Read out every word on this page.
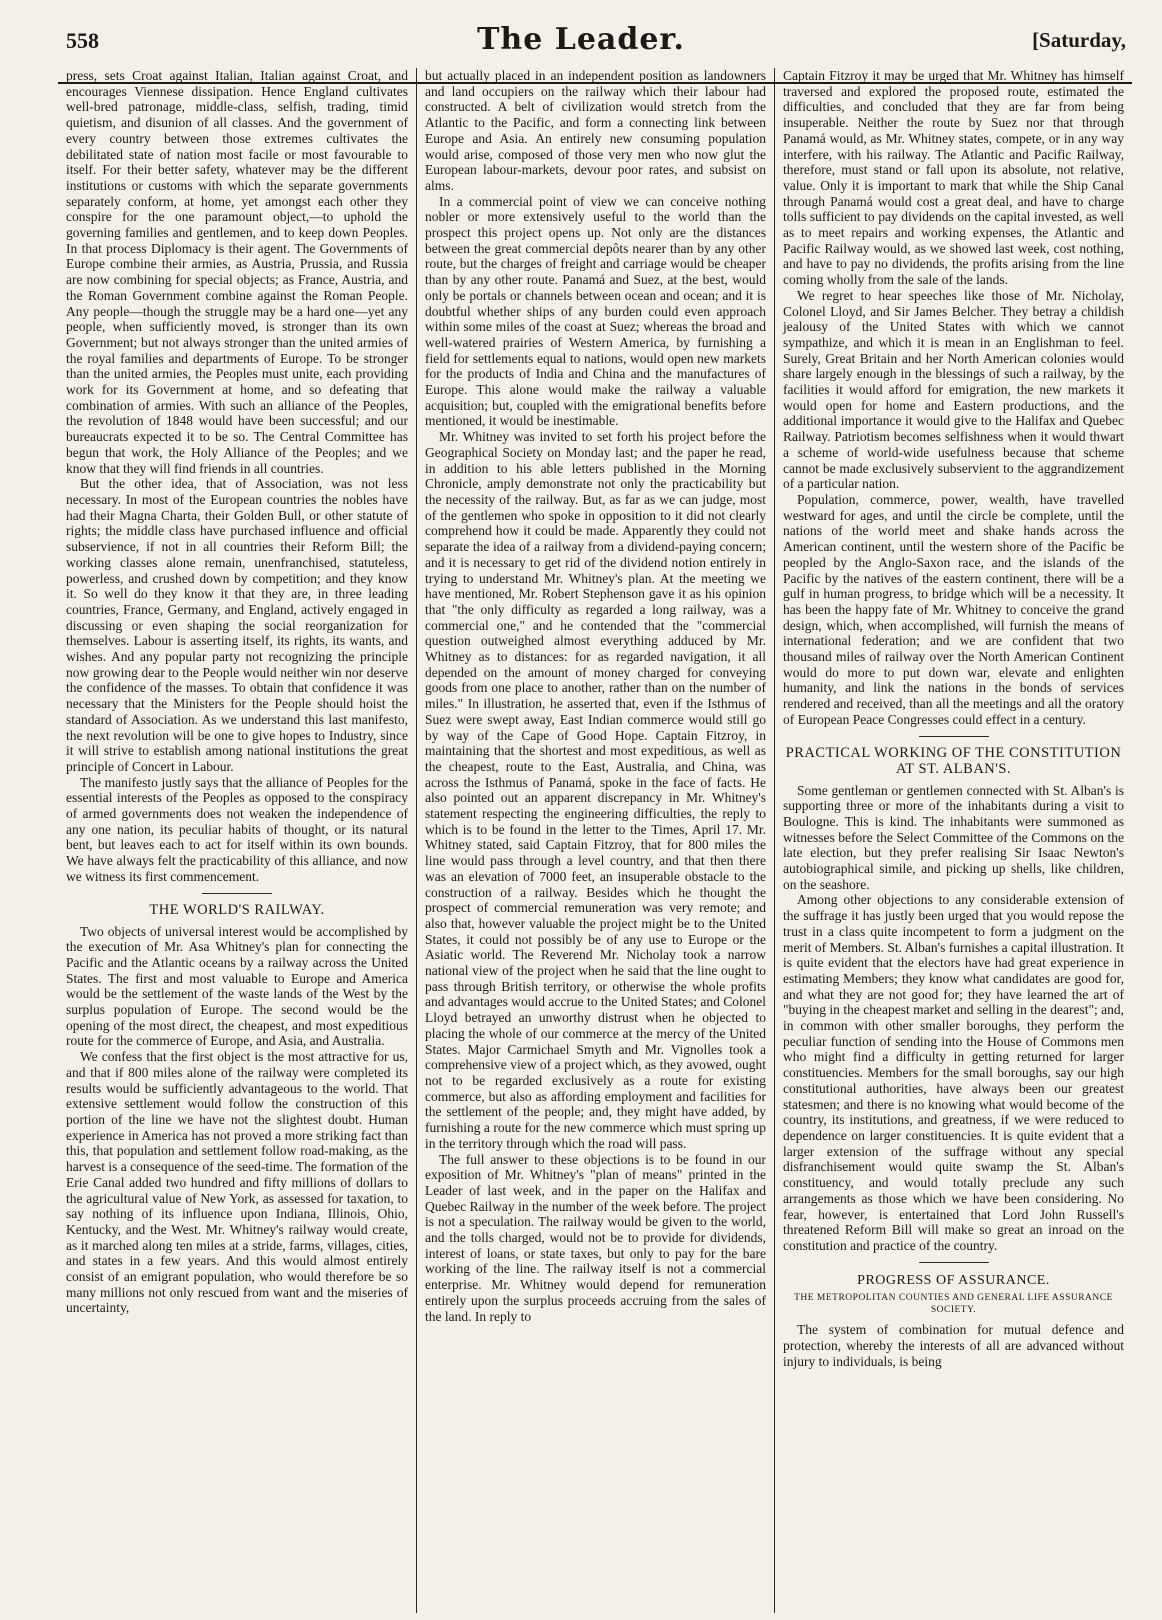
558	The Leader.	[Saturday,

press, sets Croat against Italian, Italian against Croat, and encourages Viennese dissipation. Hence England cultivates well-bred patronage, middle-class, selfish, trading, timid quietism, and disunion of all classes. And the government of every country between those extremes cultivates the debilitated state of nation most facile or most favourable to itself. For their better safety, whatever may be the different institutions or customs with which the separate governments separately conform, at home, yet amongst each other they conspire for the one paramount object,—to uphold the governing families and gentlemen, and to keep down Peoples. In that process Diplomacy is their agent. The Governments of Europe combine their armies, as Austria, Prussia, and Russia are now combining for special objects; as France, Austria, and the Roman Government combine against the Roman People. Any people—though the struggle may be a hard one—yet any people, when sufficiently moved, is stronger than its own Government; but not always stronger than the united armies of the royal families and departments of Europe. To be stronger than the united armies, the Peoples must unite, each providing work for its Government at home, and so defeating that combination of armies. With such an alliance of the Peoples, the revolution of 1848 would have been successful; and our bureaucrats expected it to be so. The Central Committee has begun that work, the Holy Alliance of the Peoples; and we know that they will find friends in all countries.

But the other idea, that of Association, was not less necessary. In most of the European countries the nobles have had their Magna Charta, their Golden Bull, or other statute of rights; the middle class have purchased influence and official subservience, if not in all countries their Reform Bill; the working classes alone remain, unenfranchised, statuteless, powerless, and crushed down by competition; and they know it. So well do they know it that they are, in three leading countries, France, Germany, and England, actively engaged in discussing or even shaping the social reorganization for themselves. Labour is asserting itself, its rights, its wants, and wishes. And any popular party not recognizing the principle now growing dear to the People would neither win nor deserve the confidence of the masses. To obtain that confidence it was necessary that the Ministers for the People should hoist the standard of Association. As we understand this last manifesto, the next revolution will be one to give hopes to Industry, since it will strive to establish among national institutions the great principle of Concert in Labour.

The manifesto justly says that the alliance of Peoples for the essential interests of the Peoples as opposed to the conspiracy of armed governments does not weaken the independence of any one nation, its peculiar habits of thought, or its natural bent, but leaves each to act for itself within its own bounds. We have always felt the practicability of this alliance, and now we witness its first commencement.

THE WORLD'S RAILWAY.

Two objects of universal interest would be accomplished by the execution of Mr. Asa Whitney's plan for connecting the Pacific and the Atlantic oceans by a railway across the United States. The first and most valuable to Europe and America would be the settlement of the waste lands of the West by the surplus population of Europe. The second would be the opening of the most direct, the cheapest, and most expeditious route for the commerce of Europe, and Asia, and Australia.

We confess that the first object is the most attractive for us, and that if 800 miles alone of the railway were completed its results would be sufficiently advantageous to the world. That extensive settlement would follow the construction of this portion of the line we have not the slightest doubt. Human experience in America has not proved a more striking fact than this, that population and settlement follow road-making, as the harvest is a consequence of the seed-time. The formation of the Erie Canal added two hundred and fifty millions of dollars to the agricultural value of New York, as assessed for taxation, to say nothing of its influence upon Indiana, Illinois, Ohio, Kentucky, and the West. Mr. Whitney's railway would create, as it marched along ten miles at a stride, farms, villages, cities, and states in a few years. And this would almost entirely consist of an emigrant population, who would therefore be so many millions not only rescued from want and the miseries of uncertainty,

but actually placed in an independent position as landowners and land occupiers on the railway which their labour had constructed. A belt of civilization would stretch from the Atlantic to the Pacific, and form a connecting link between Europe and Asia. An entirely new consuming population would arise, composed of those very men who now glut the European labour-markets, devour poor rates, and subsist on alms.

In a commercial point of view we can conceive nothing nobler or more extensively useful to the world than the prospect this project opens up. Not only are the distances between the great commercial depôts nearer than by any other route, but the charges of freight and carriage would be cheaper than by any other route. Panamá and Suez, at the best, would only be portals or channels between ocean and ocean; and it is doubtful whether ships of any burden could even approach within some miles of the coast at Suez; whereas the broad and well-watered prairies of Western America, by furnishing a field for settlements equal to nations, would open new markets for the products of India and China and the manufactures of Europe. This alone would make the railway a valuable acquisition; but, coupled with the emigrational benefits before mentioned, it would be inestimable.

Mr. Whitney was invited to set forth his project before the Geographical Society on Monday last; and the paper he read, in addition to his able letters published in the Morning Chronicle, amply demonstrate not only the practicability but the necessity of the railway. But, as far as we can judge, most of the gentlemen who spoke in opposition to it did not clearly comprehend how it could be made. Apparently they could not separate the idea of a railway from a dividend-paying concern; and it is necessary to get rid of the dividend notion entirely in trying to understand Mr. Whitney's plan. At the meeting we have mentioned, Mr. Robert Stephenson gave it as his opinion that "the only difficulty as regarded a long railway, was a commercial one," and he contended that the "commercial question outweighed almost everything adduced by Mr. Whitney as to distances: for as regarded navigation, it all depended on the amount of money charged for conveying goods from one place to another, rather than on the number of miles." In illustration, he asserted that, even if the Isthmus of Suez were swept away, East Indian commerce would still go by way of the Cape of Good Hope. Captain Fitzroy, in maintaining that the shortest and most expeditious, as well as the cheapest, route to the East, Australia, and China, was across the Isthmus of Panamá, spoke in the face of facts. He also pointed out an apparent discrepancy in Mr. Whitney's statement respecting the engineering difficulties, the reply to which is to be found in the letter to the Times, April 17. Mr. Whitney stated, said Captain Fitzroy, that for 800 miles the line would pass through a level country, and that then there was an elevation of 7000 feet, an insuperable obstacle to the construction of a railway. Besides which he thought the prospect of commercial remuneration was very remote; and also that, however valuable the project might be to the United States, it could not possibly be of any use to Europe or the Asiatic world. The Reverend Mr. Nicholay took a narrow national view of the project when he said that the line ought to pass through British territory, or otherwise the whole profits and advantages would accrue to the United States; and Colonel Lloyd betrayed an unworthy distrust when he objected to placing the whole of our commerce at the mercy of the United States. Major Carmichael Smyth and Mr. Vignolles took a comprehensive view of a project which, as they avowed, ought not to be regarded exclusively as a route for existing commerce, but also as affording employment and facilities for the settlement of the people; and, they might have added, by furnishing a route for the new commerce which must spring up in the territory through which the road will pass.

The full answer to these objections is to be found in our exposition of Mr. Whitney's "plan of means" printed in the Leader of last week, and in the paper on the Halifax and Quebec Railway in the number of the week before. The project is not a speculation. The railway would be given to the world, and the tolls charged, would not be to provide for dividends, interest of loans, or state taxes, but only to pay for the bare working of the line. The railway itself is not a commercial enterprise. Mr. Whitney would depend for remuneration entirely upon the surplus proceeds accruing from the sales of the land. In reply to

Captain Fitzroy it may be urged that Mr. Whitney has himself traversed and explored the proposed route, estimated the difficulties, and concluded that they are far from being insuperable. Neither the route by Suez nor that through Panamá would, as Mr. Whitney states, compete, or in any way interfere, with his railway. The Atlantic and Pacific Railway, therefore, must stand or fall upon its absolute, not relative, value. Only it is important to mark that while the Ship Canal through Panamá would cost a great deal, and have to charge tolls sufficient to pay dividends on the capital invested, as well as to meet repairs and working expenses, the Atlantic and Pacific Railway would, as we showed last week, cost nothing, and have to pay no dividends, the profits arising from the line coming wholly from the sale of the lands.

We regret to hear speeches like those of Mr. Nicholay, Colonel Lloyd, and Sir James Belcher. They betray a childish jealousy of the United States with which we cannot sympathize, and which it is mean in an Englishman to feel. Surely, Great Britain and her North American colonies would share largely enough in the blessings of such a railway, by the facilities it would afford for emigration, the new markets it would open for home and Eastern productions, and the additional importance it would give to the Halifax and Quebec Railway. Patriotism becomes selfishness when it would thwart a scheme of world-wide usefulness because that scheme cannot be made exclusively subservient to the aggrandizement of a particular nation.

Population, commerce, power, wealth, have travelled westward for ages, and until the circle be complete, until the nations of the world meet and shake hands across the American continent, until the western shore of the Pacific be peopled by the Anglo-Saxon race, and the islands of the Pacific by the natives of the eastern continent, there will be a gulf in human progress, to bridge which will be a necessity. It has been the happy fate of Mr. Whitney to conceive the grand design, which, when accomplished, will furnish the means of international federation; and we are confident that two thousand miles of railway over the North American Continent would do more to put down war, elevate and enlighten humanity, and link the nations in the bonds of services rendered and received, than all the meetings and all the oratory of European Peace Congresses could effect in a century.

PRACTICAL WORKING OF THE CONSTITUTION AT ST. ALBAN'S.

Some gentleman or gentlemen connected with St. Alban's is supporting three or more of the inhabitants during a visit to Boulogne. This is kind. The inhabitants were summoned as witnesses before the Select Committee of the Commons on the late election, but they prefer realising Sir Isaac Newton's autobiographical simile, and picking up shells, like children, on the seashore.

Among other objections to any considerable extension of the suffrage it has justly been urged that you would repose the trust in a class quite incompetent to form a judgment on the merit of Members. St. Alban's furnishes a capital illustration. It is quite evident that the electors have had great experience in estimating Members; they know what candidates are good for, and what they are not good for; they have learned the art of "buying in the cheapest market and selling in the dearest"; and, in common with other smaller boroughs, they perform the peculiar function of sending into the House of Commons men who might find a difficulty in getting returned for larger constituencies. Members for the small boroughs, say our high constitutional authorities, have always been our greatest statesmen; and there is no knowing what would become of the country, its institutions, and greatness, if we were reduced to dependence on larger constituencies. It is quite evident that a larger extension of the suffrage without any special disfranchisement would quite swamp the St. Alban's constituency, and would totally preclude any such arrangements as those which we have been considering. No fear, however, is entertained that Lord John Russell's threatened Reform Bill will make so great an inroad on the constitution and practice of the country.

PROGRESS OF ASSURANCE.
THE METROPOLITAN COUNTIES AND GENERAL LIFE ASSURANCE SOCIETY.

The system of combination for mutual defence and protection, whereby the interests of all are advanced without injury to individuals, is being
